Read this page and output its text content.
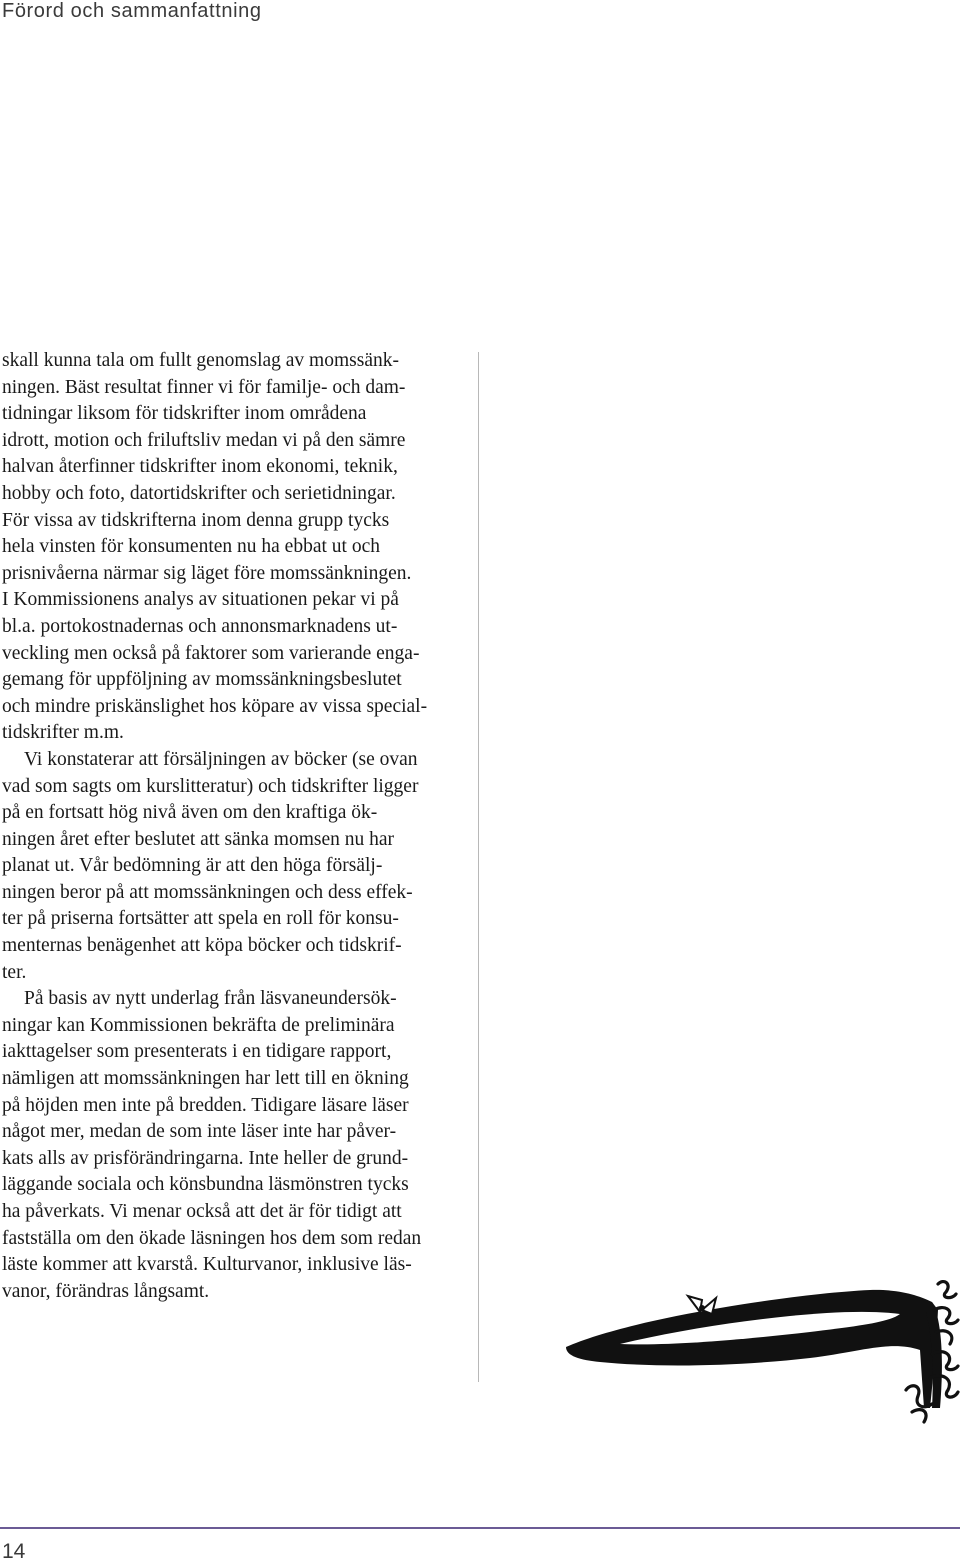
Förord och sammanfattning
skall kunna tala om fullt genomslag av momssänk-
ningen. Bäst resultat finner vi för familje- och dam-
tidningar liksom för tidskrifter inom områdena
idrott, motion och friluftsliv medan vi på den sämre
halvan återfinner tidskrifter inom ekonomi, teknik,
hobby och foto, datortidskrifter och serietidningar.
För vissa av tidskrifterna inom denna grupp tycks
hela vinsten för konsumenten nu ha ebbat ut och
prisnivåerna närmar sig läget före momssänkningen.
I Kommissionens analys av situationen pekar vi på
bl.a. portokostnadernas och annonsmarknadens ut-
veckling men också på faktorer som varierande enga-
gemang för uppföljning av momssänkningsbeslutet
och mindre priskänslighet hos köpare av vissa special-
tidskrifter m.m.
Vi konstaterar att försäljningen av böcker (se ovan
vad som sagts om kurslitteratur) och tidskrifter ligger
på en fortsatt hög nivå även om den kraftiga ök-
ningen året efter beslutet att sänka momsen nu har
planat ut. Vår bedömning är att den höga försälj-
ningen beror på att momssänkningen och dess effek-
ter på priserna fortsätter att spela en roll för konsu-
menternas benägenhet att köpa böcker och tidskrif-
ter.
På basis av nytt underlag från läsvaneundersök-
ningar kan Kommissionen bekräfta de preliminära
iakttagelser som presenterats i en tidigare rapport,
nämligen att momssänkningen har lett till en ökning
på höjden men inte på bredden. Tidigare läsare läser
något mer, medan de som inte läser inte har påver-
kats alls av prisförändringarna. Inte heller de grund-
läggande sociala och könsbundna läsmönstren tycks
ha påverkats. Vi menar också att det är för tidigt att
fastställa om den ökade läsningen hos dem som redan
läste kommer att kvarstå. Kulturvanor, inklusive läs-
vanor, förändras långsamt.
14
